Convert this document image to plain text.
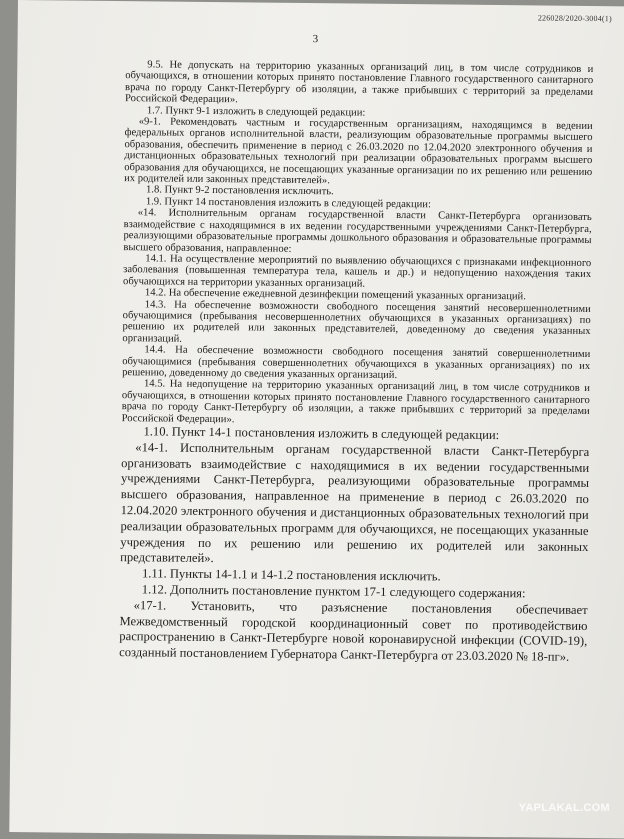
226028/2020-3004(1)
3

9.5. Не допускать на территорию указанных организаций лиц, в том числе сотрудников и обучающихся, в отношении которых принято постановление Главного государственного санитарного врача по городу Санкт-Петербургу об изоляции, а также прибывших с территорий за пределами Российской Федерации».

1.7. Пункт 9-1 изложить в следующей редакции:

«9-1. Рекомендовать частным и государственным организациям, находящимся в ведении федеральных органов исполнительной власти, реализующим образовательные программы высшего образования, обеспечить применение в период с 26.03.2020 по 12.04.2020 электронного обучения и дистанционных образовательных технологий при реализации образовательных программ высшего образования для обучающихся, не посещающих указанные организации по их решению или решению их родителей или законных представителей».

1.8. Пункт 9-2 постановления исключить.

1.9. Пункт 14 постановления изложить в следующей редакции:

«14. Исполнительным органам государственной власти Санкт-Петербурга организовать взаимодействие с находящимися в их ведении государственными учреждениями Санкт-Петербурга, реализующими образовательные программы дошкольного образования и образовательные программы высшего образования, направленное:

14.1. На осуществление мероприятий по выявлению обучающихся с признаками инфекционного заболевания (повышенная температура тела, кашель и др.) и недопущению нахождения таких обучающихся на территории указанных организаций.

14.2. На обеспечение ежедневной дезинфекции помещений указанных организаций.

14.3. На обеспечение возможности свободного посещения занятий несовершеннолетними обучающимися (пребывания несовершеннолетних обучающихся в указанных организациях) по решению их родителей или законных представителей, доведенному до сведения указанных организаций.

14.4. На обеспечение возможности свободного посещения занятий совершеннолетними обучающимися (пребывания совершеннолетних обучающихся в указанных организациях) по их решению, доведенному до сведения указанных организаций.

14.5. На недопущение на территорию указанных организаций лиц, в том числе сотрудников и обучающихся, в отношении которых принято постановление Главного государственного санитарного врача по городу Санкт-Петербургу об изоляции, а также прибывших с территорий за пределами Российской Федерации».

1.10. Пункт 14-1 постановления изложить в следующей редакции:

«14-1. Исполнительным органам государственной власти Санкт-Петербурга организовать взаимодействие с находящимися в их ведении государственными учреждениями Санкт-Петербурга, реализующими образовательные программы высшего образования, направленное на применение в период с 26.03.2020 по 12.04.2020 электронного обучения и дистанционных образовательных технологий при реализации образовательных программ для обучающихся, не посещающих указанные учреждения по их решению или решению их родителей или законных представителей».

1.11. Пункты 14-1.1 и 14-1.2 постановления исключить.

1.12. Дополнить постановление пунктом 17-1 следующего содержания:

«17-1. Установить, что разъяснение постановления обеспечивает Межведомственный городской координационный совет по противодействию распространению в Санкт-Петербурге новой коронавирусной инфекции (COVID-19), созданный постановлением Губернатора Санкт-Петербурга от 23.03.2020 № 18-пг».

YAPLAKAL.COM
